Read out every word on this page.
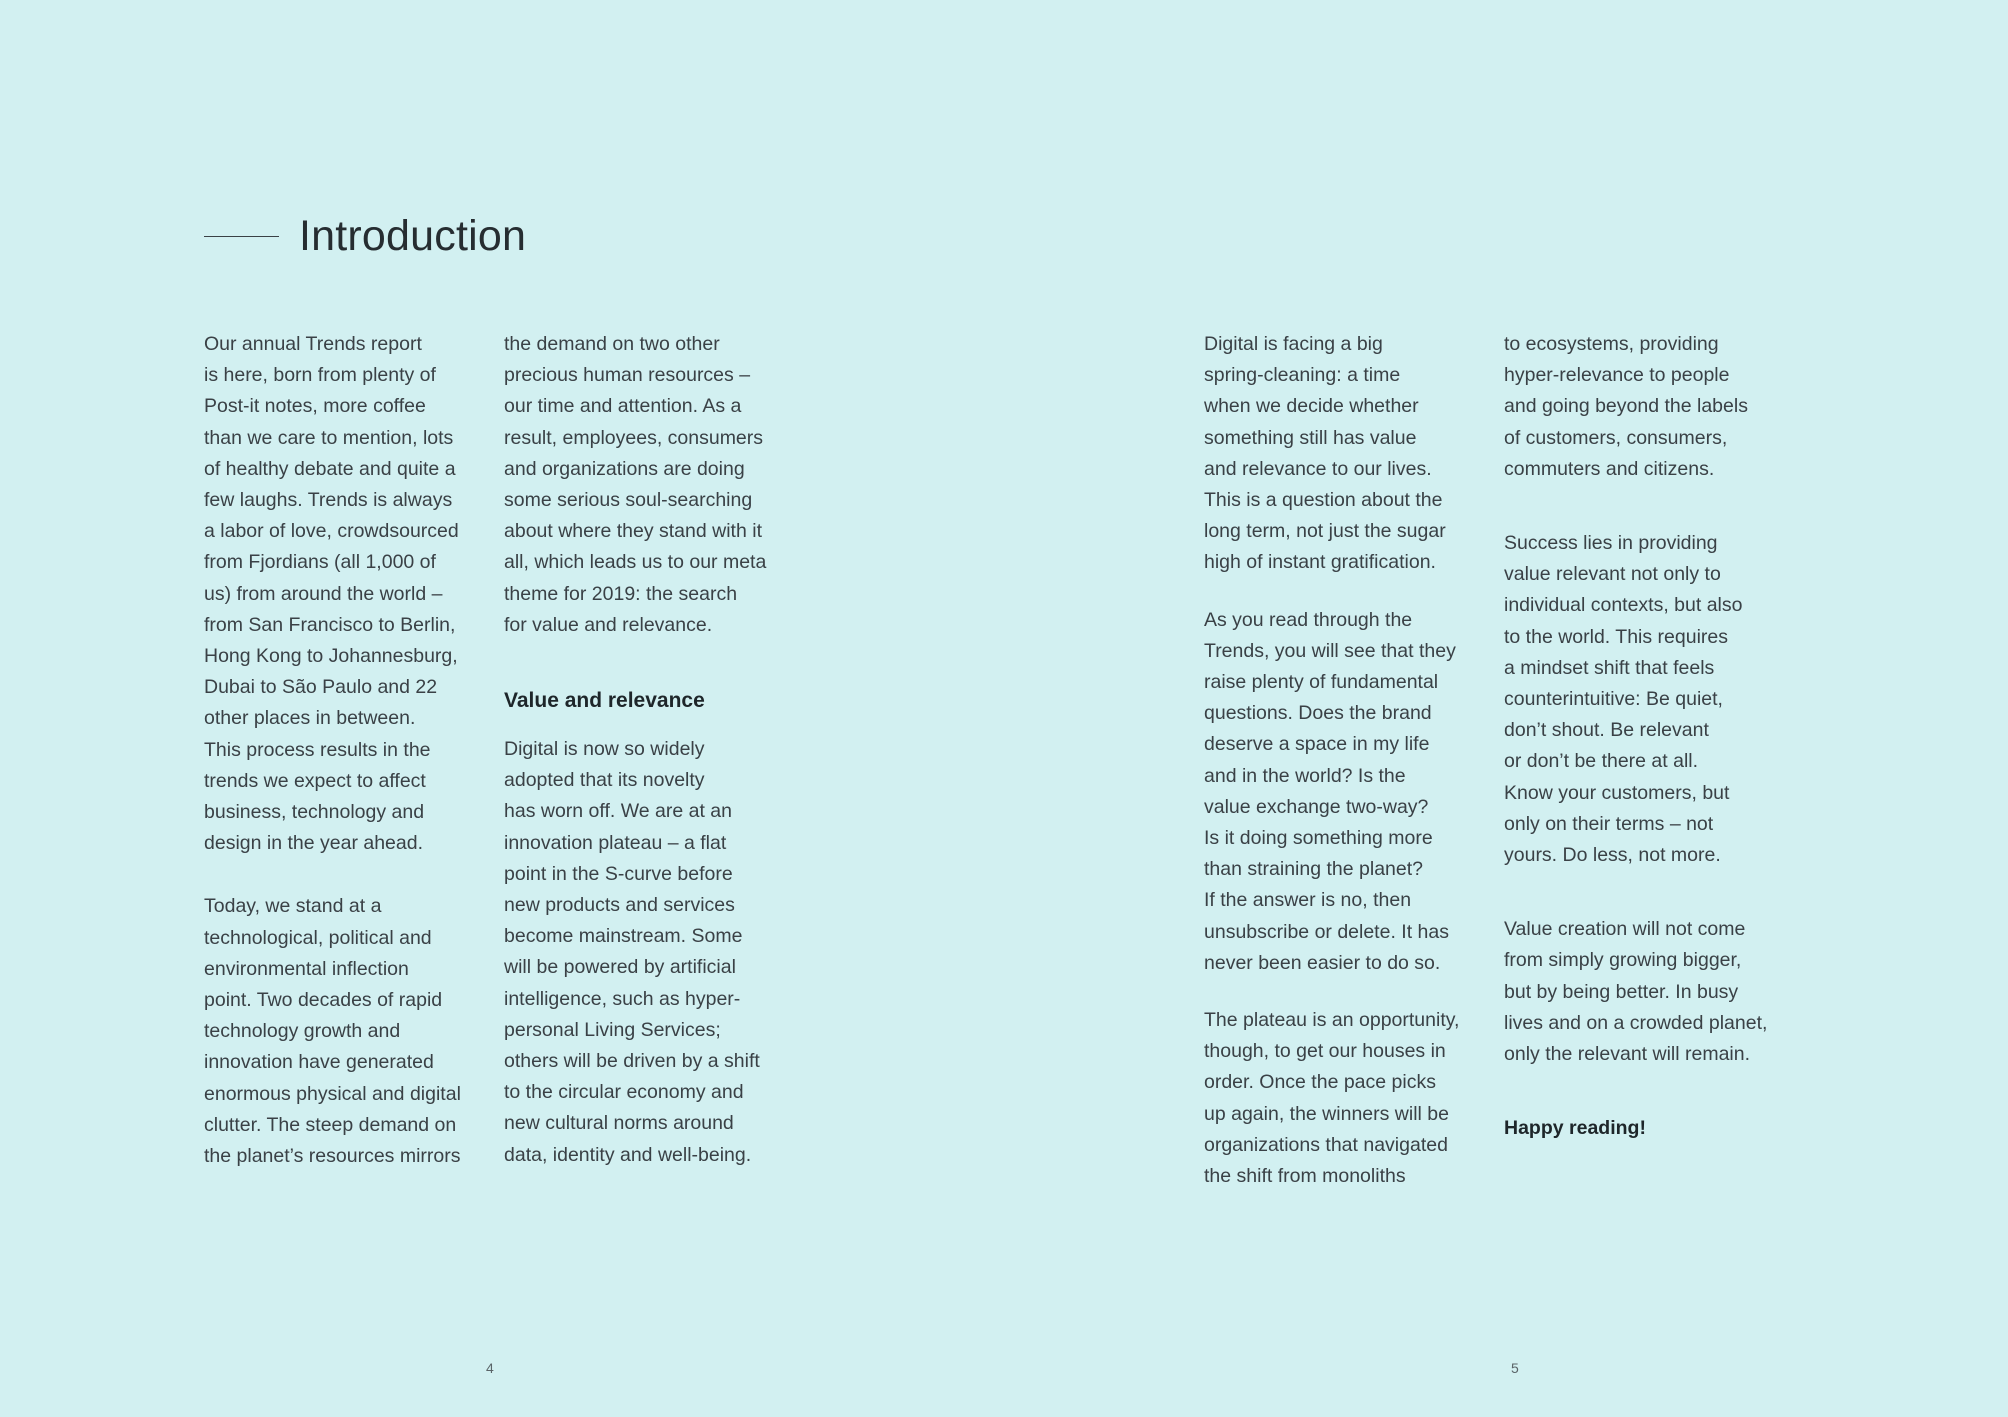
Introduction

Our annual Trends report
is here, born from plenty of
Post-it notes, more coffee
than we care to mention, lots
of healthy debate and quite a
few laughs. Trends is always
a labor of love, crowdsourced
from Fjordians (all 1,000 of
us) from around the world –
from San Francisco to Berlin,
Hong Kong to Johannesburg,
Dubai to São Paulo and 22
other places in between.
This process results in the
trends we expect to affect
business, technology and
design in the year ahead.

Today, we stand at a
technological, political and
environmental inflection
point. Two decades of rapid
technology growth and
innovation have generated
enormous physical and digital
clutter. The steep demand on
the planet’s resources mirrors

the demand on two other
precious human resources –
our time and attention. As a
result, employees, consumers
and organizations are doing
some serious soul-searching
about where they stand with it
all, which leads us to our meta
theme for 2019: the search
for value and relevance.

Value and relevance

Digital is now so widely
adopted that its novelty
has worn off. We are at an
innovation plateau – a flat
point in the S-curve before
new products and services
become mainstream. Some
will be powered by artificial
intelligence, such as hyper-
personal Living Services;
others will be driven by a shift
to the circular economy and
new cultural norms around
data, identity and well-being.

Digital is facing a big
spring-cleaning: a time
when we decide whether
something still has value
and relevance to our lives.
This is a question about the
long term, not just the sugar
high of instant gratification.

As you read through the
Trends, you will see that they
raise plenty of fundamental
questions. Does the brand
deserve a space in my life
and in the world? Is the
value exchange two-way?
Is it doing something more
than straining the planet?
If the answer is no, then
unsubscribe or delete. It has
never been easier to do so.

The plateau is an opportunity,
though, to get our houses in
order. Once the pace picks
up again, the winners will be
organizations that navigated
the shift from monoliths

to ecosystems, providing
hyper-relevance to people
and going beyond the labels
of customers, consumers,
commuters and citizens.

Success lies in providing
value relevant not only to
individual contexts, but also
to the world. This requires
a mindset shift that feels
counterintuitive: Be quiet,
don’t shout. Be relevant
or don’t be there at all.
Know your customers, but
only on their terms – not
yours. Do less, not more.

Value creation will not come
from simply growing bigger,
but by being better. In busy
lives and on a crowded planet,
only the relevant will remain.

Happy reading!

4	5
